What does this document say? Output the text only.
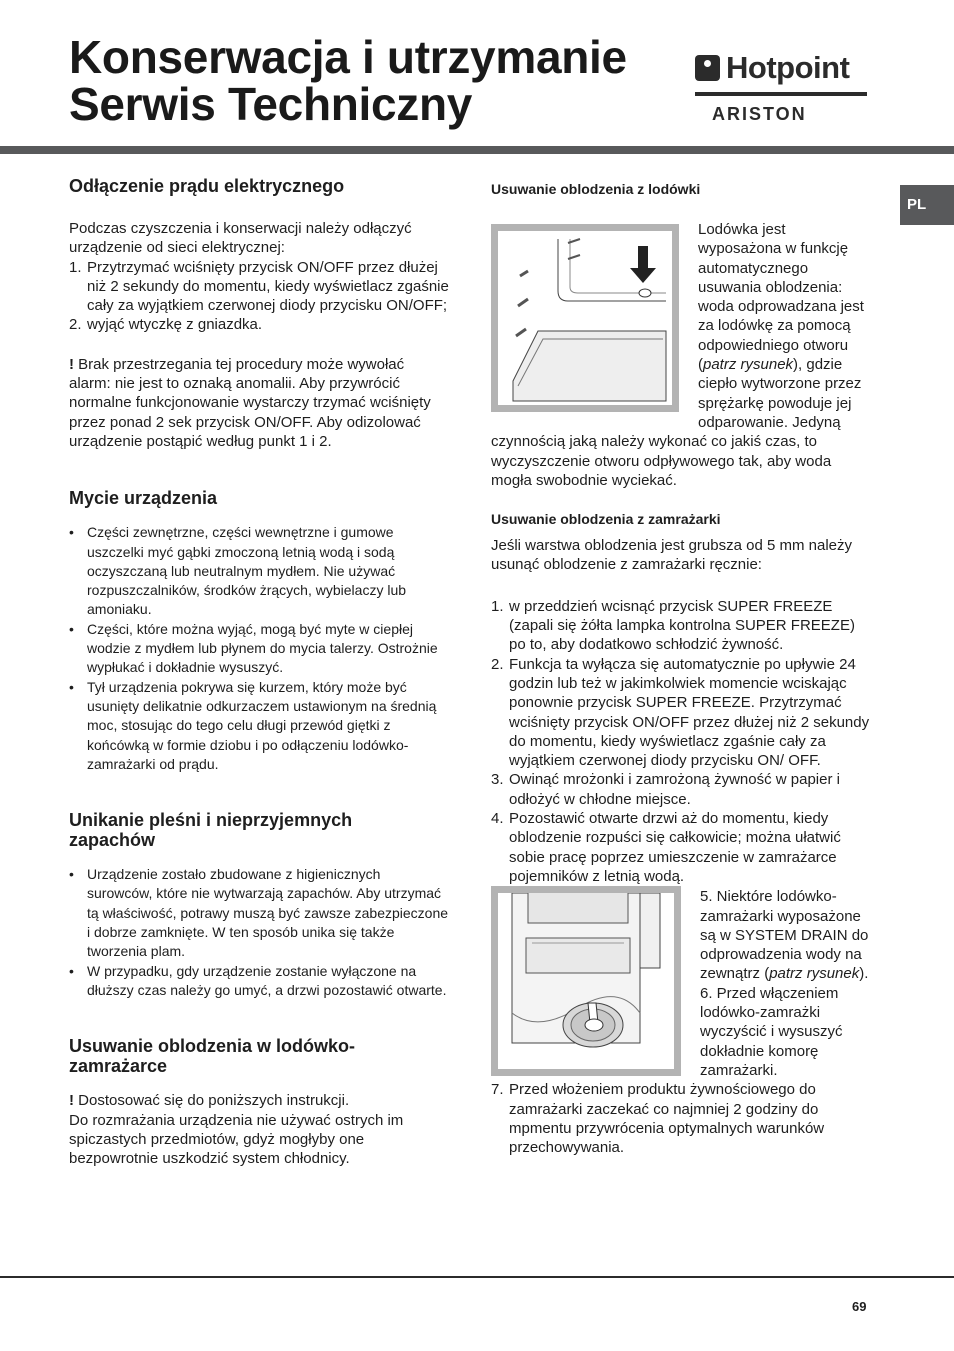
Konserwacja i utrzymanie
Serwis Techniczny
Hotpoint
ARISTON
PL
Odłączenie prądu elektrycznego

Podczas czyszczenia i konserwacji należy odłączyć urządzenie od sieci elektrycznej:

1. Przytrzymać wciśnięty przycisk ON/OFF przez dłużej niż 2 sekundy do momentu, kiedy wyświetlacz zgaśnie cały za wyjątkiem czerwonej diody przycisku ON/OFF;
2. wyjąć wtyczkę z gniazdka.

! Brak przestrzegania tej procedury może wywołać alarm: nie jest to oznaką anomalii. Aby przywrócić normalne funkcjonowanie wystarczy trzymać wciśnięty przez ponad 2 sek przycisk ON/OFF. Aby odizolować urządzenie postąpić według punkt 1 i 2.

Mycie urządzenia
• Części zewnętrzne, części wewnętrzne i gumowe uszczelki myć gąbki zmoczoną letnią wodą i sodą oczyszczaną lub neutralnym mydłem. Nie używać rozpuszczalników, środków żrących, wybielaczy lub amoniaku.
• Części, które można wyjąć, mogą być myte w ciepłej wodzie z mydłem lub płynem do mycia talerzy. Ostrożnie wypłukać i dokładnie wysuszyć.
• Tył urządzenia pokrywa się kurzem, który może być usunięty delikatnie odkurzaczem ustawionym na średnią moc, stosując do tego celu długi przewód giętki z końcówką w formie dziobu i po odłączeniu lodówko-zamrażarki od prądu.
Unikanie pleśni i nieprzyjemnych zapachów
• Urządzenie zostało zbudowane z higienicznych surowców, które nie wytwarzają zapachów. Aby utrzymać tą właściwość, potrawy muszą być zawsze zabezpieczone i dobrze zamknięte. W ten sposób unika się także tworzenia plam.
• W przypadku, gdy urządzenie zostanie wyłączone na dłuższy czas należy go umyć, a drzwi pozostawić otwarte.
Usuwanie oblodzenia w lodówko-zamrażarce

! Dostosować się do poniższych instrukcji.

Do rozmrażania urządzenia nie używać ostrych im spiczastych przedmiotów, gdyż mogłyby one bezpowrotnie uszkodzić system chłodnicy.

Usuwanie oblodzenia z lodówki

Lodówka jest wyposażona w funkcję automatycznego usuwania oblodzenia: woda odprowadzana jest za lodówkę za pomocą odpowiedniego otworu (patrz rysunek), gdzie ciepło wytworzone przez sprężarkę powoduje jej odparowanie. Jedyną czynnością jaką należy wykonać co jakiś czas, to wyczyszczenie otworu odpływowego tak, aby woda mogła swobodnie wyciekać.

Usuwanie oblodzenia z zamrażarki

Jeśli warstwa oblodzenia jest grubsza od 5 mm należy usunąć oblodzenie z zamrażarki ręcznie:

1. w przeddzień wcisnąć przycisk SUPER FREEZE (zapali się żółta lampka kontrolna SUPER FREEZE) po to, aby dodatkowo schłodzić żywność.
2. Funkcja ta wyłącza się automatycznie po upływie 24 godzin lub też w jakimkolwiek momencie wciskając ponownie przycisk SUPER FREEZE. Przytrzymać wciśnięty przycisk ON/OFF przez dłużej niż 2 sekundy do momentu, kiedy wyświetlacz zgaśnie cały za wyjątkiem czerwonej diody przycisku ON/ OFF.
3. Owinąć mrożonki i zamrożoną żywność w papier i odłożyć w chłodne miejsce.
4. Pozostawić otwarte drzwi aż do momentu, kiedy oblodzenie rozpuści się całkowicie; można ułatwić sobie pracę poprzez umieszczenie w zamrażarce pojemników z letnią wodą.

5. Niektóre lodówko-zamrażarki wyposażone są w SYSTEM DRAIN do odprowadzenia wody na zewnątrz (patrz rysunek).

6. Przed włączeniem lodówko-zamrażki wyczyścić i wysuszyć dokładnie komorę zamrażarki.

7. Przed włożeniem produktu żywnościowego do zamrażarki zaczekać co najmniej 2 godziny do mpmentu przywrócenia optymalnych warunków przechowywania.
69
